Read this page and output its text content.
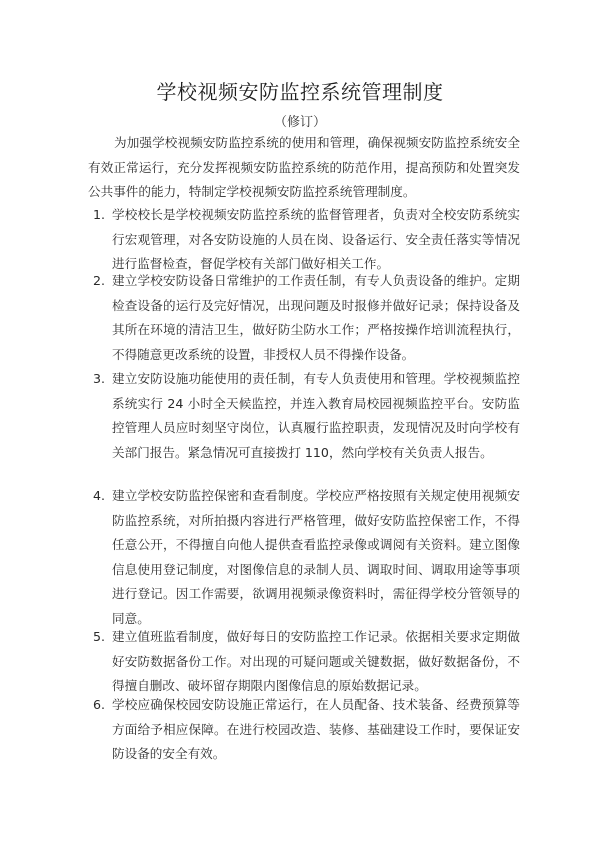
学校视频安防监控系统管理制度
（修订）

为加强学校视频安防监控系统的使用和管理，确保视频安防监控系统安全有效正常运行，充分发挥视频安防监控系统的防范作用，提高预防和处置突发公共事件的能力，特制定学校视频安防监控系统管理制度。

1. 学校校长是学校视频安防监控系统的监督管理者，负责对全校安防系统实行宏观管理，对各安防设施的人员在岗、设备运行、安全责任落实等情况进行监督检查，督促学校有关部门做好相关工作。
2. 建立学校安防设备日常维护的工作责任制，有专人负责设备的维护。定期检查设备的运行及完好情况，出现问题及时报修并做好记录；保持设备及其所在环境的清洁卫生，做好防尘防水工作；严格按操作培训流程执行，不得随意更改系统的设置，非授权人员不得操作设备。
3. 建立安防设施功能使用的责任制，有专人负责使用和管理。学校视频监控系统实行 24 小时全天候监控，并连入教育局校园视频监控平台。安防监控管理人员应时刻坚守岗位，认真履行监控职责，发现情况及时向学校有关部门报告。紧急情况可直接拨打 110，然向学校有关负责人报告。
4. 建立学校安防监控保密和查看制度。学校应严格按照有关规定使用视频安防监控系统，对所拍摄内容进行严格管理，做好安防监控保密工作，不得任意公开，不得擅自向他人提供查看监控录像或调阅有关资料。建立图像信息使用登记制度，对图像信息的录制人员、调取时间、调取用途等事项进行登记。因工作需要，欲调用视频录像资料时，需征得学校分管领导的同意。
5. 建立值班监看制度，做好每日的安防监控工作记录。依据相关要求定期做好安防数据备份工作。对出现的可疑问题或关键数据，做好数据备份，不得擅自删改、破坏留存期限内图像信息的原始数据记录。
6. 学校应确保校园安防设施正常运行，在人员配备、技术装备、经费预算等方面给予相应保障。在进行校园改造、装修、基础建设工作时，要保证安防设备的安全有效。
